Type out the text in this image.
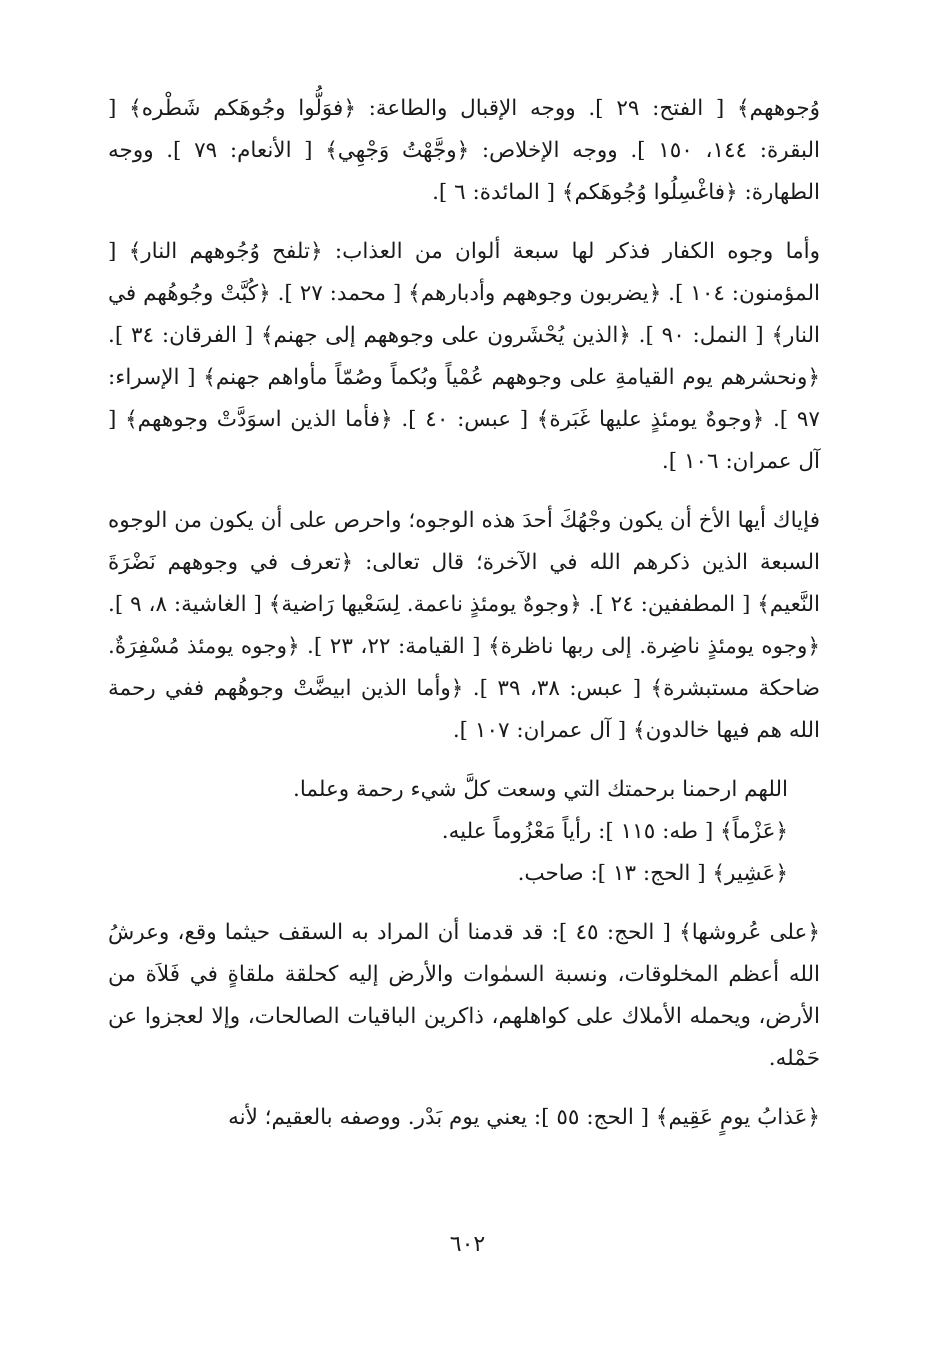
وُجوههم﴾ [ الفتح: ٢٩ ]. ووجه الإقبال والطاعة: ﴿فوَلُّوا وجُوهَكم شَطْره﴾ [ البقرة: ١٤٤، ١٥٠ ]. ووجه الإخلاص: ﴿وجَّهْتُ وَجْهِي﴾ [ الأنعام: ٧٩ ]. ووجه الطهارة: ﴿فاغْسِلُوا وُجُوهَكم﴾ [ المائدة: ٦ ].

وأما وجوه الكفار فذكر لها سبعة ألوان من العذاب: ﴿تلفح وُجُوههم النار﴾ [ المؤمنون: ١٠٤ ]. ﴿يضربون وجوههم وأدبارهم﴾ [ محمد: ٢٧ ]. ﴿كُبَّتْ وجُوهُهم في النار﴾ [ النمل: ٩٠ ]. ﴿الذين يُحْشَرون على وجوههم إلى جهنم﴾ [ الفرقان: ٣٤ ]. ﴿ونحشرهم يوم القيامةِ على وجوههم عُمْياً وبُكماً وصُمّاً مأواهم جهنم﴾ [ الإسراء: ٩٧ ]. ﴿وجوهٌ يومئذٍ عليها غَبَرة﴾ [ عبس: ٤٠ ]. ﴿فأما الذين اسوَدَّتْ وجوههم﴾ [ آل عمران: ١٠٦ ].

فإياك أيها الأخ أن يكون وجْهُكَ أحدَ هذه الوجوه؛ واحرص على أن يكون من الوجوه السبعة الذين ذكرهم الله في الآخرة؛ قال تعالى: ﴿تعرف في وجوههم نَضْرَةَ النَّعيم﴾ [ المطففين: ٢٤ ]. ﴿وجوهٌ يومئذٍ ناعمة. لِسَعْيها رَاضية﴾ [ الغاشية: ٨، ٩ ]. ﴿وجوه يومئذٍ ناضِرة. إلى ربها ناظرة﴾ [ القيامة: ٢٢، ٢٣ ]. ﴿وجوه يومئذ مُسْفِرَةٌ. ضاحكة مستبشرة﴾ [ عبس: ٣٨، ٣٩ ]. ﴿وأما الذين ابيضَّتْ وجوهُهم ففي رحمة الله هم فيها خالدون﴾ [ آل عمران: ١٠٧ ].

اللهم ارحمنا برحمتك التي وسعت كلَّ شيء رحمة وعلما.

﴿عَزْماً﴾ [ طه: ١١٥ ]: رأياً مَعْزُوماً عليه.

﴿عَشِير﴾ [ الحج: ١٣ ]: صاحب.

﴿على عُروشها﴾ [ الحج: ٤٥ ]: قد قدمنا أن المراد به السقف حيثما وقع، وعرشُ الله أعظم المخلوقات، ونسبة السمٰوات والأرض إليه كحلقة ملقاةٍ في فَلاَة من الأرض، ويحمله الأملاك على كواهلهم، ذاكرين الباقيات الصالحات، وإلا لعجزوا عن حَمْله.

﴿عَذابُ يومٍ عَقِيم﴾ [ الحج: ٥٥ ]: يعني يوم بَدْر. ووصفه بالعقيم؛ لأنه

٦٠٢
